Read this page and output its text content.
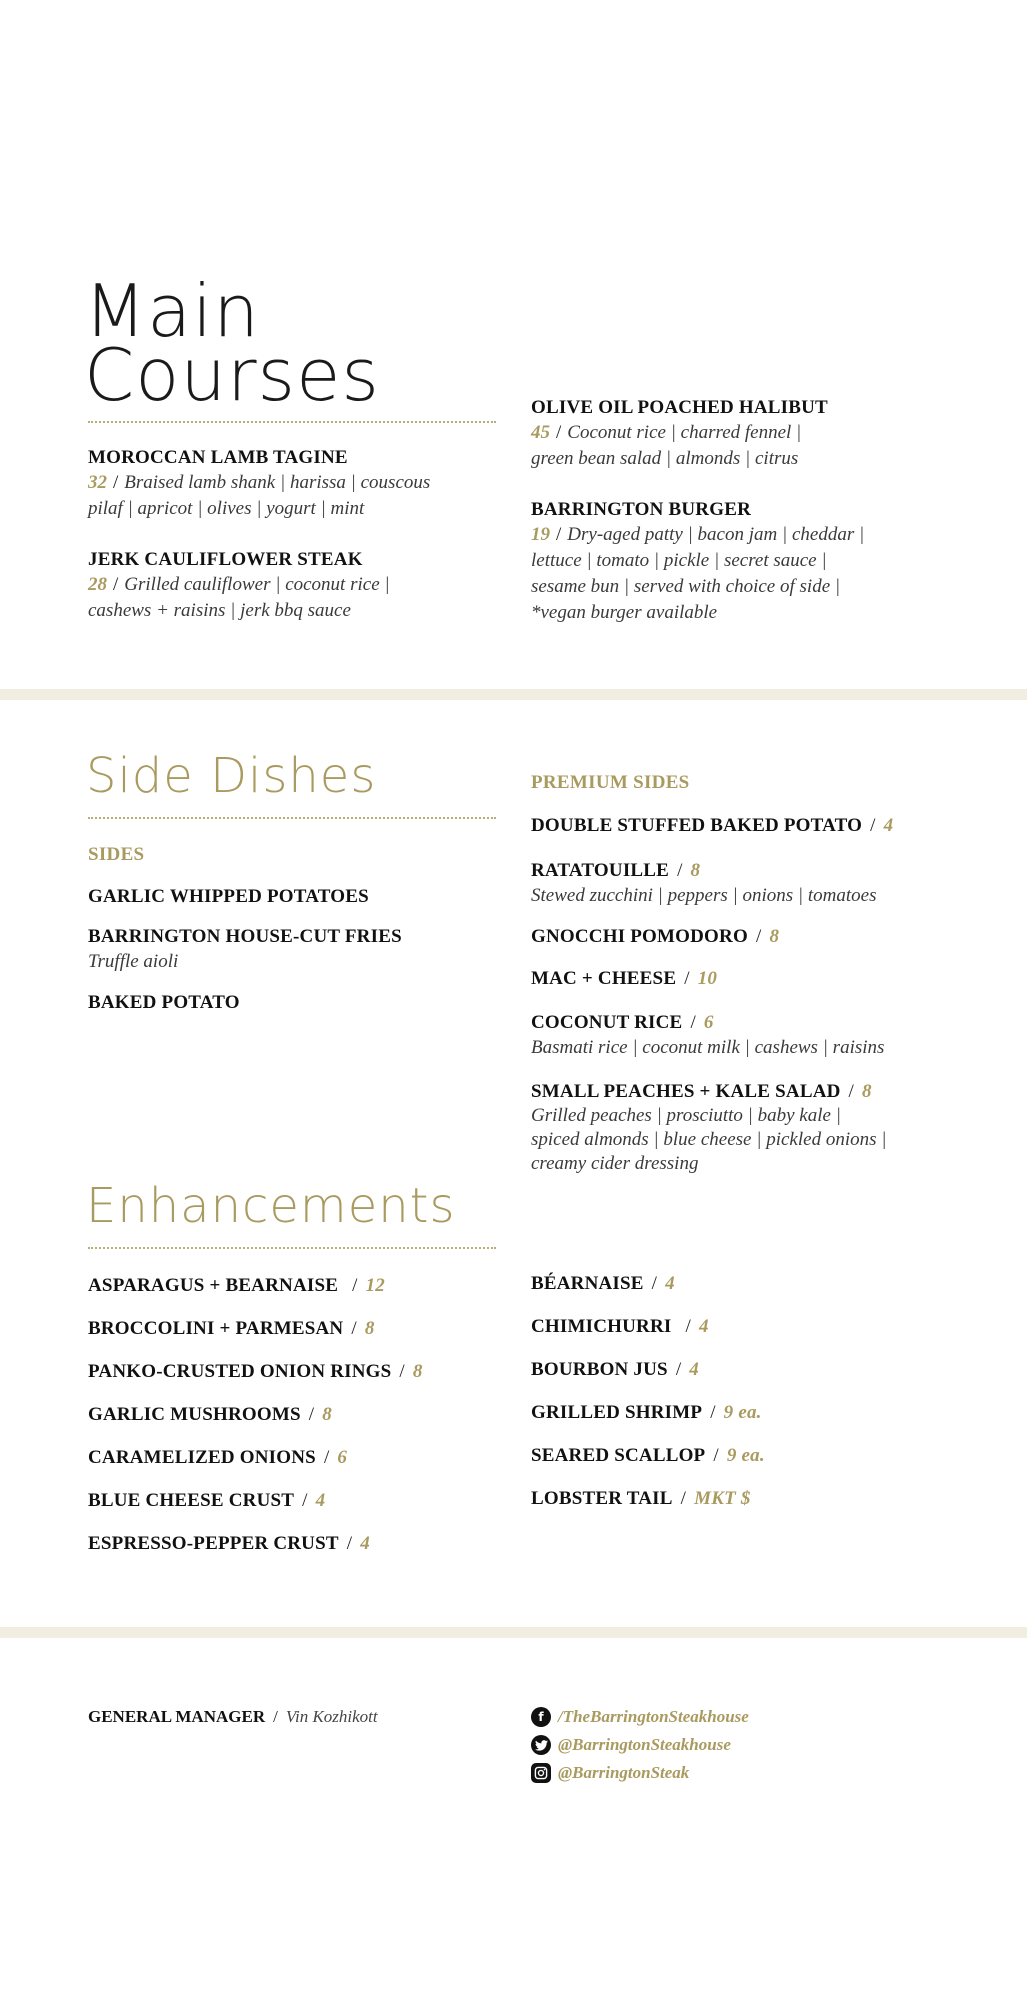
Main
Courses
MOROCCAN LAMB TAGINE
32 / Braised lamb shank | harissa | couscous
pilaf | apricot | olives | yogurt | mint
JERK CAULIFLOWER STEAK
28 / Grilled cauliflower | coconut rice |
cashews + raisins | jerk bbq sauce
OLIVE OIL POACHED HALIBUT
45 / Coconut rice | charred fennel |
green bean salad | almonds | citrus
BARRINGTON BURGER
19 / Dry-aged patty | bacon jam | cheddar |
lettuce | tomato | pickle | secret sauce |
sesame bun | served with choice of side |
*vegan burger available
Side Dishes
SIDES
GARLIC WHIPPED POTATOES
BARRINGTON HOUSE-CUT FRIES
Truffle aioli
BAKED POTATO
PREMIUM SIDES
DOUBLE STUFFED BAKED POTATO / 4
RATATOUILLE / 8
Stewed zucchini | peppers | onions | tomatoes
GNOCCHI POMODORO / 8
MAC + CHEESE / 10
COCONUT RICE / 6
Basmati rice | coconut milk | cashews | raisins
SMALL PEACHES + KALE SALAD / 8
Grilled peaches | prosciutto | baby kale |
spiced almonds | blue cheese | pickled onions |
creamy cider dressing
Enhancements
ASPARAGUS + BEARNAISE / 12
BROCCOLINI + PARMESAN / 8
PANKO-CRUSTED ONION RINGS / 8
GARLIC MUSHROOMS / 8
CARAMELIZED ONIONS / 6
BLUE CHEESE CRUST / 4
ESPRESSO-PEPPER CRUST / 4
BÉARNAISE / 4
CHIMICHURRI / 4
BOURBON JUS / 4
GRILLED SHRIMP / 9 ea.
SEARED SCALLOP / 9 ea.
LOBSTER TAIL / MKT $
GENERAL MANAGER / Vin Kozhikott	f /TheBarringtonSteakhouse
@BarringtonSteakhouse
@BarringtonSteak
